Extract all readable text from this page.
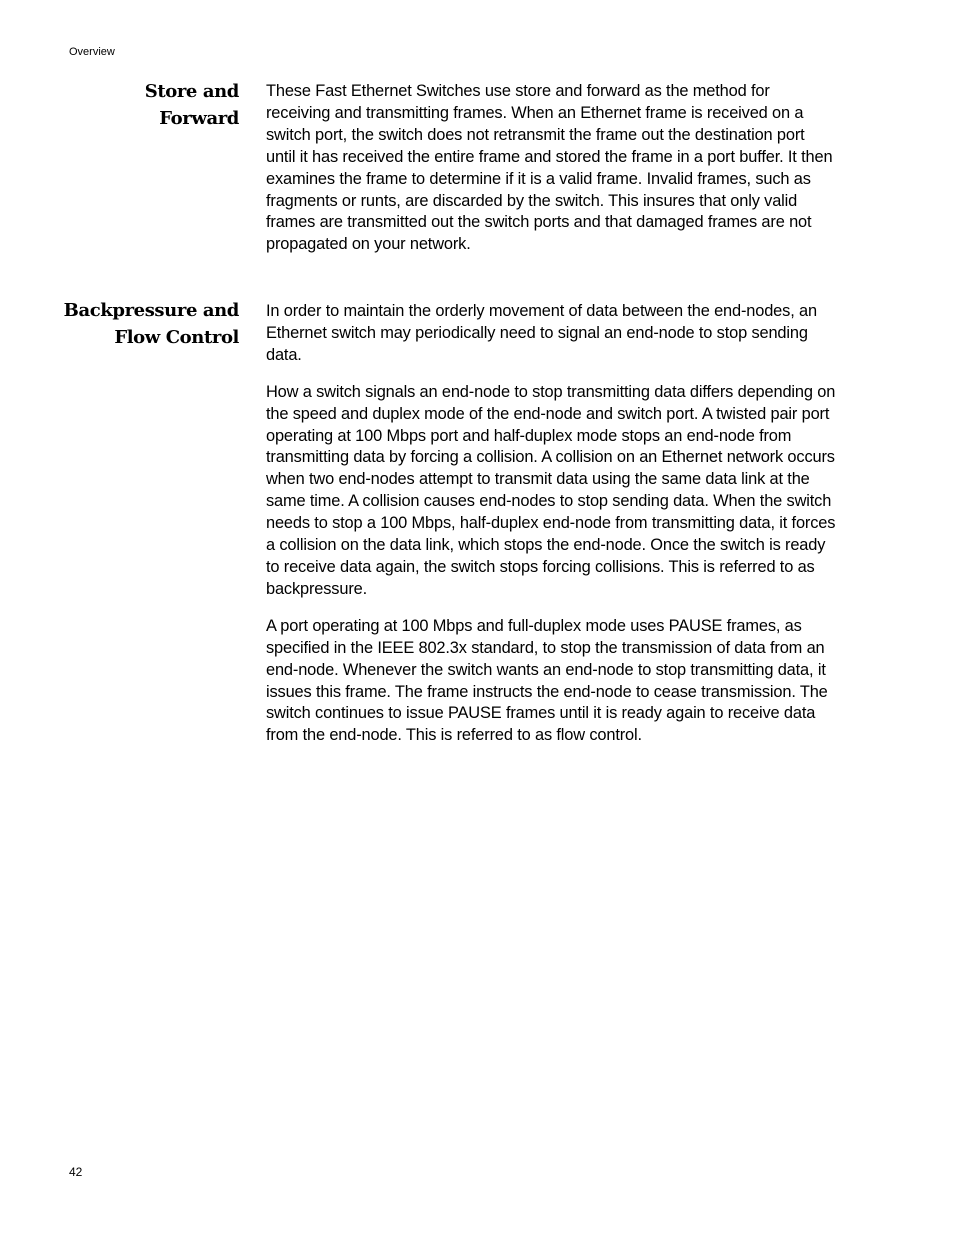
Overview
Store and
Forward

These Fast Ethernet Switches use store and forward as the method for receiving and transmitting frames. When an Ethernet frame is received on a switch port, the switch does not retransmit the frame out the destination port until it has received the entire frame and stored the frame in a port buffer. It then examines the frame to determine if it is a valid frame. Invalid frames, such as fragments or runts, are discarded by the switch. This insures that only valid frames are transmitted out the switch ports and that damaged frames are not propagated on your network.

Backpressure and
Flow Control

In order to maintain the orderly movement of data between the end-nodes, an Ethernet switch may periodically need to signal an end-node to stop sending data.

How a switch signals an end-node to stop transmitting data differs depending on the speed and duplex mode of the end-node and switch port. A twisted pair port operating at 100 Mbps port and half-duplex mode stops an end-node from transmitting data by forcing a collision. A collision on an Ethernet network occurs when two end-nodes attempt to transmit data using the same data link at the same time. A collision causes end-nodes to stop sending data. When the switch needs to stop a 100 Mbps, half-duplex end-node from transmitting data, it forces a collision on the data link, which stops the end-node. Once the switch is ready to receive data again, the switch stops forcing collisions. This is referred to as backpressure.

A port operating at 100 Mbps and full-duplex mode uses PAUSE frames, as specified in the IEEE 802.3x standard, to stop the transmission of data from an end-node. Whenever the switch wants an end-node to stop transmitting data, it issues this frame. The frame instructs the end-node to cease transmission. The switch continues to issue PAUSE frames until it is ready again to receive data from the end-node. This is referred to as flow control.

42
